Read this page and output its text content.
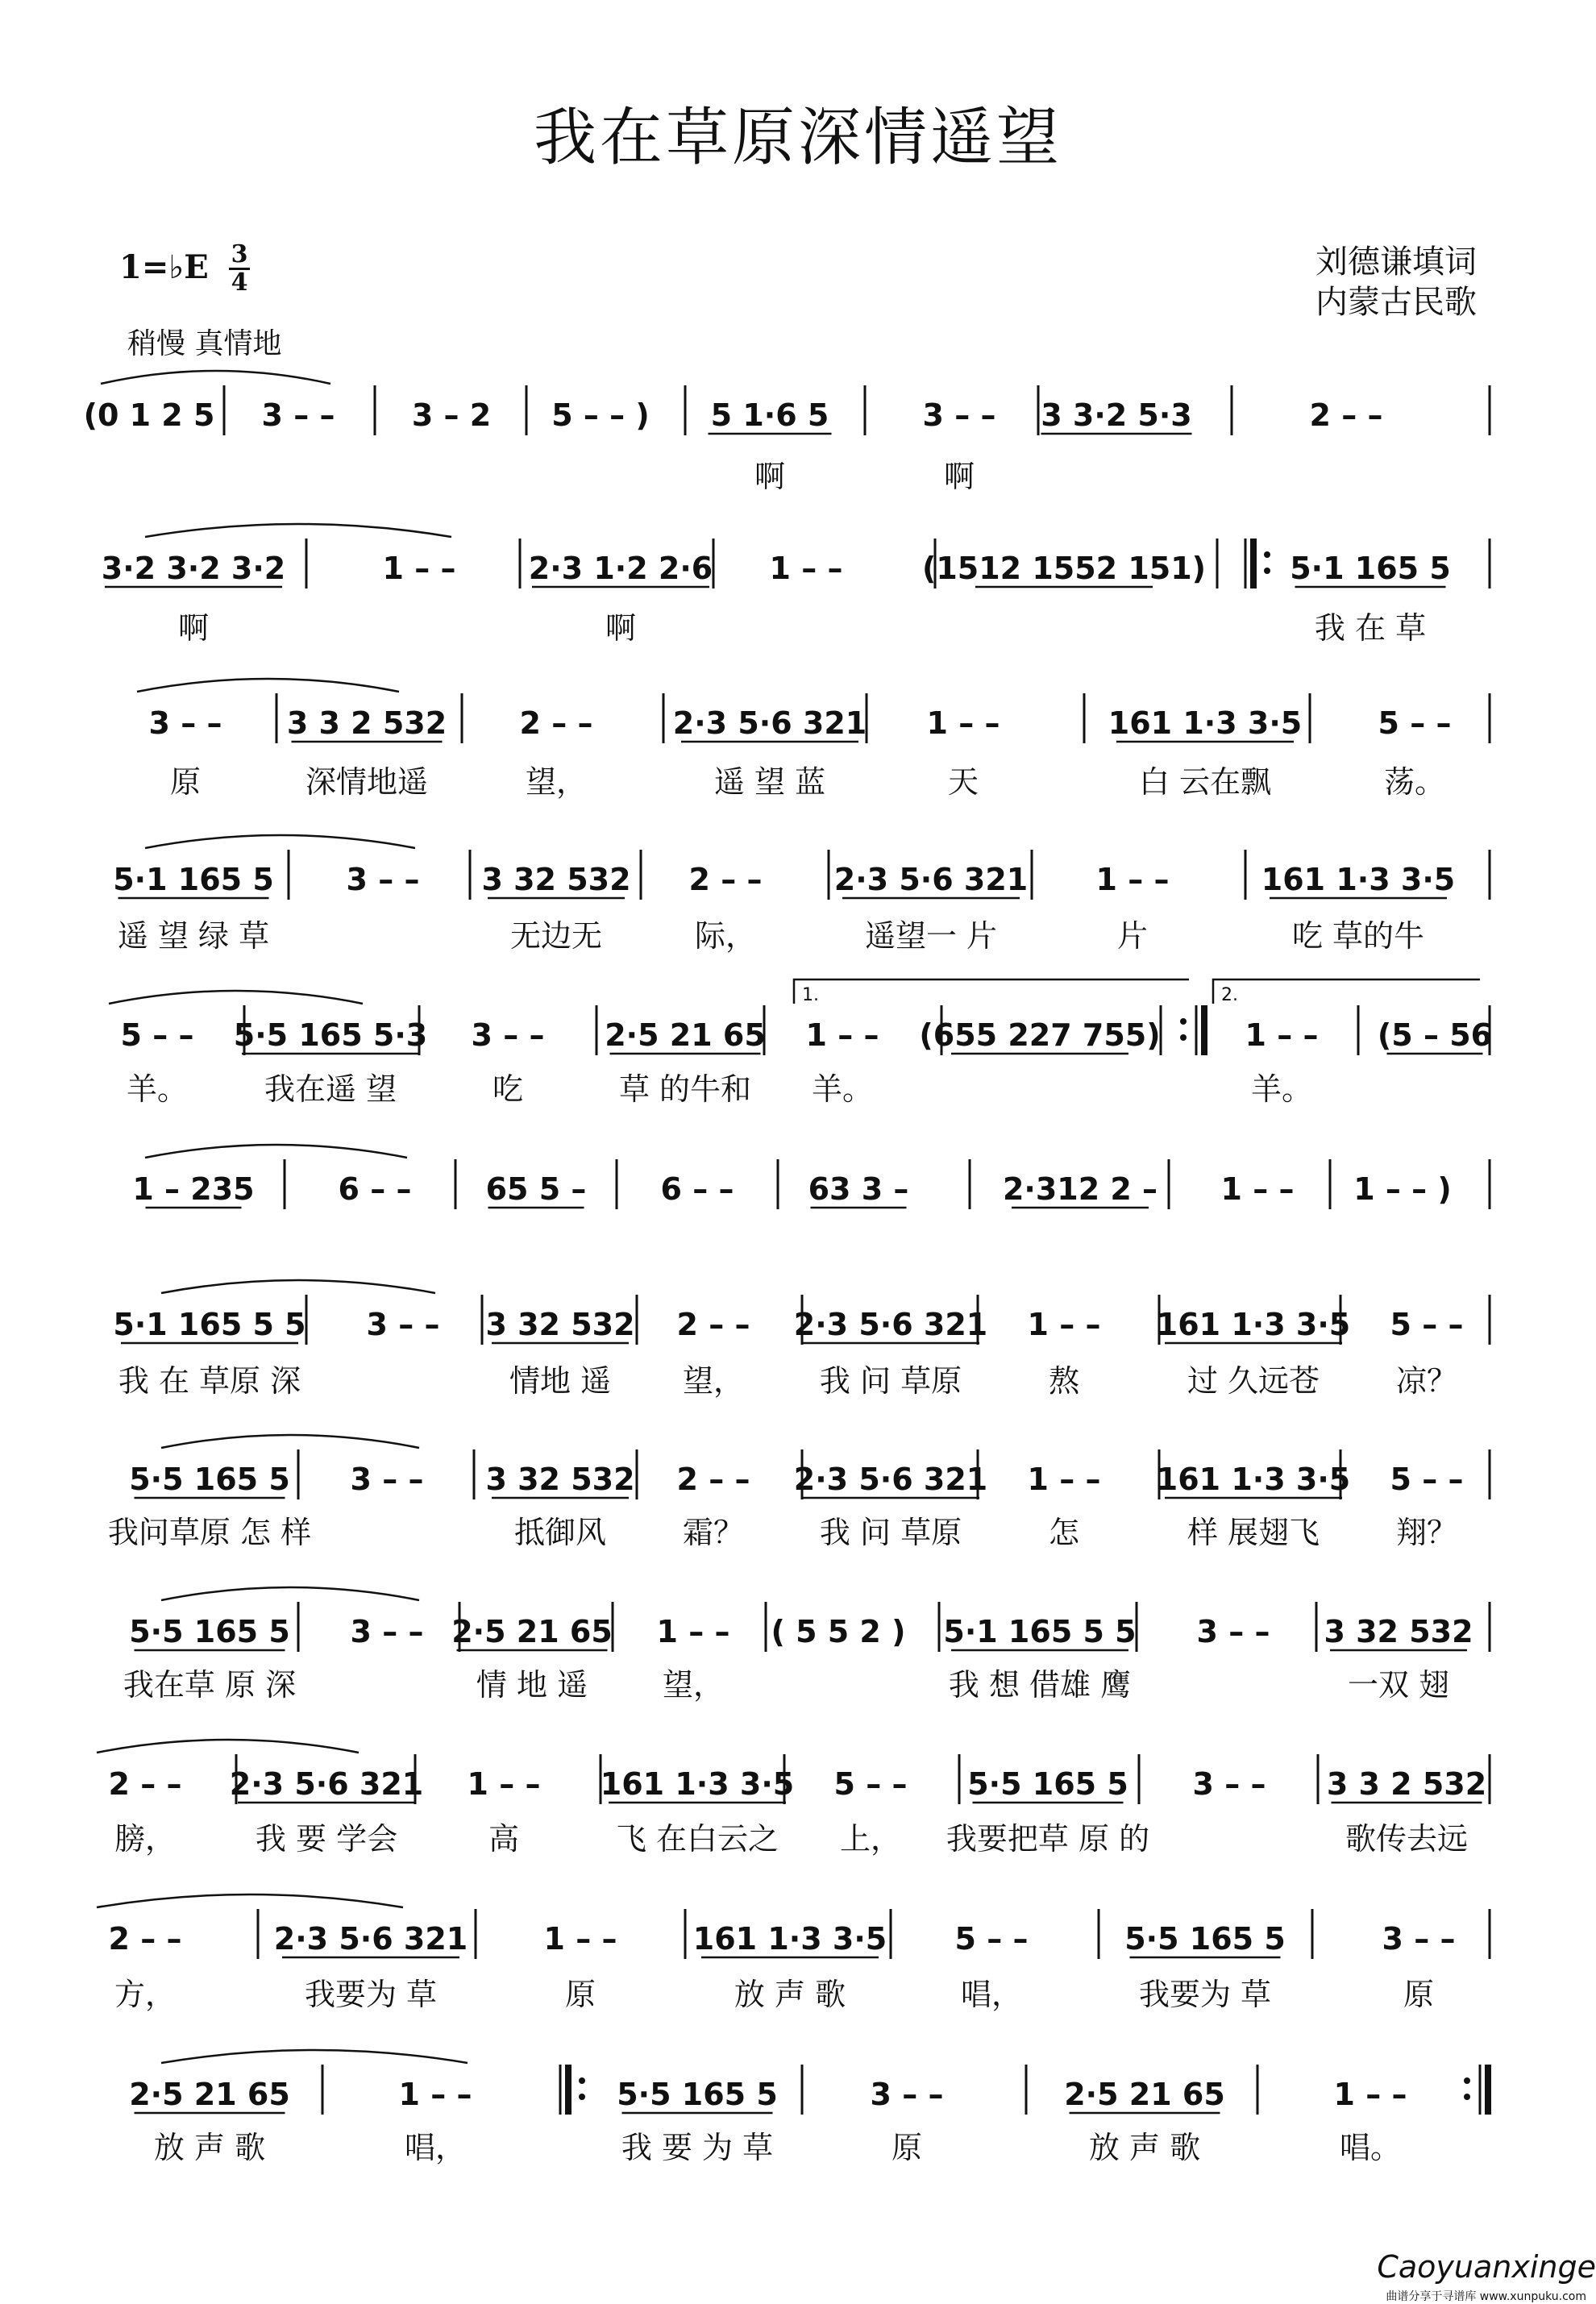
我在草原深情遥望
1=♭E 3
4
稍慢 真情地
刘德谦填词
内蒙古民歌
(0 1 2 5 3 – –	3 – 2 5 – – ) 5 1·6 5
啊
3 – –
啊
3 3·2 5·3	2 – –
3·2 3·2 3·2
啊
1 – – 2·3 1·2 2·6
啊
1 – –	(1512 1552 151)	5·1 165 5
我 在 草
3 – –
原
3 3 2 532
深情地遥
2 – –
望，
2·3 5·6 321
遥 望 蓝
1 – –
天
161 1·3 3·5
白 云在飘
5 – –
荡。
5·1 165 5
遥 望 绿 草
3 – – 3 32 532
无边无
2 – –
际，
2·3 5·6 321
遥望一 片
1 – –
片
161 1·3 3·5
吃 草的牛
5 – –
羊。
5·5 165 5·3
我在遥 望
3 – –
吃
2·5 21 65
草 的牛和
1 – –
羊。
(655 227 755)	1 – –
羊。
(5 – 56
1 – 235	6 – – 65 5 – 6 – – 63 3 –	2·312 2 – 1 – – 1 – – )
5·1 165 5 5
我 在 草原 深
3 – – 3 32 532
情地 遥
2 – –
望，
2·3 5·6 321
我 问 草原
1 – –
熬
161 1·3 3·5
过 久远苍
5 – –
凉？
5·5 165 5
我问草原 怎 样
3 – – 3 32 532
抵御风
2 – –
霜？
2·3 5·6 321
我 问 草原
1 – –
怎
161 1·3 3·5
样 展翅飞
5 – –
翔？
5·5 165 5
我在草 原 深
3 – – 2·5 21 65
情 地 遥
1 – –
望，
( 5 5 2 ) 5·1 165 5 5
我 想 借雄 鹰
3 – – 3 32 532
一双 翅
2 – –
膀，
2·3 5·6 321
我 要 学会
1 – –
高
161 1·3 3·5
飞 在白云之
5 – –
上，
5·5 165 5
我要把草 原 的
3 – – 3 3 2 532
歌传去远
2 – –
方，
2·3 5·6 321
我要为 草
1 – –
原
161 1·3 3·5
放 声 歌
5 – –
唱，
5·5 165 5
我要为 草
3 – –
原
2·5 21 65
放 声 歌
1 – –
唱，
5·5 165 5
我 要 为 草
3 – –
原
2·5 21 65
放 声 歌
1 – –
唱。
1.	2.
Caoyuanxinge
曲谱分享于寻谱库 www.xunpuku.com
